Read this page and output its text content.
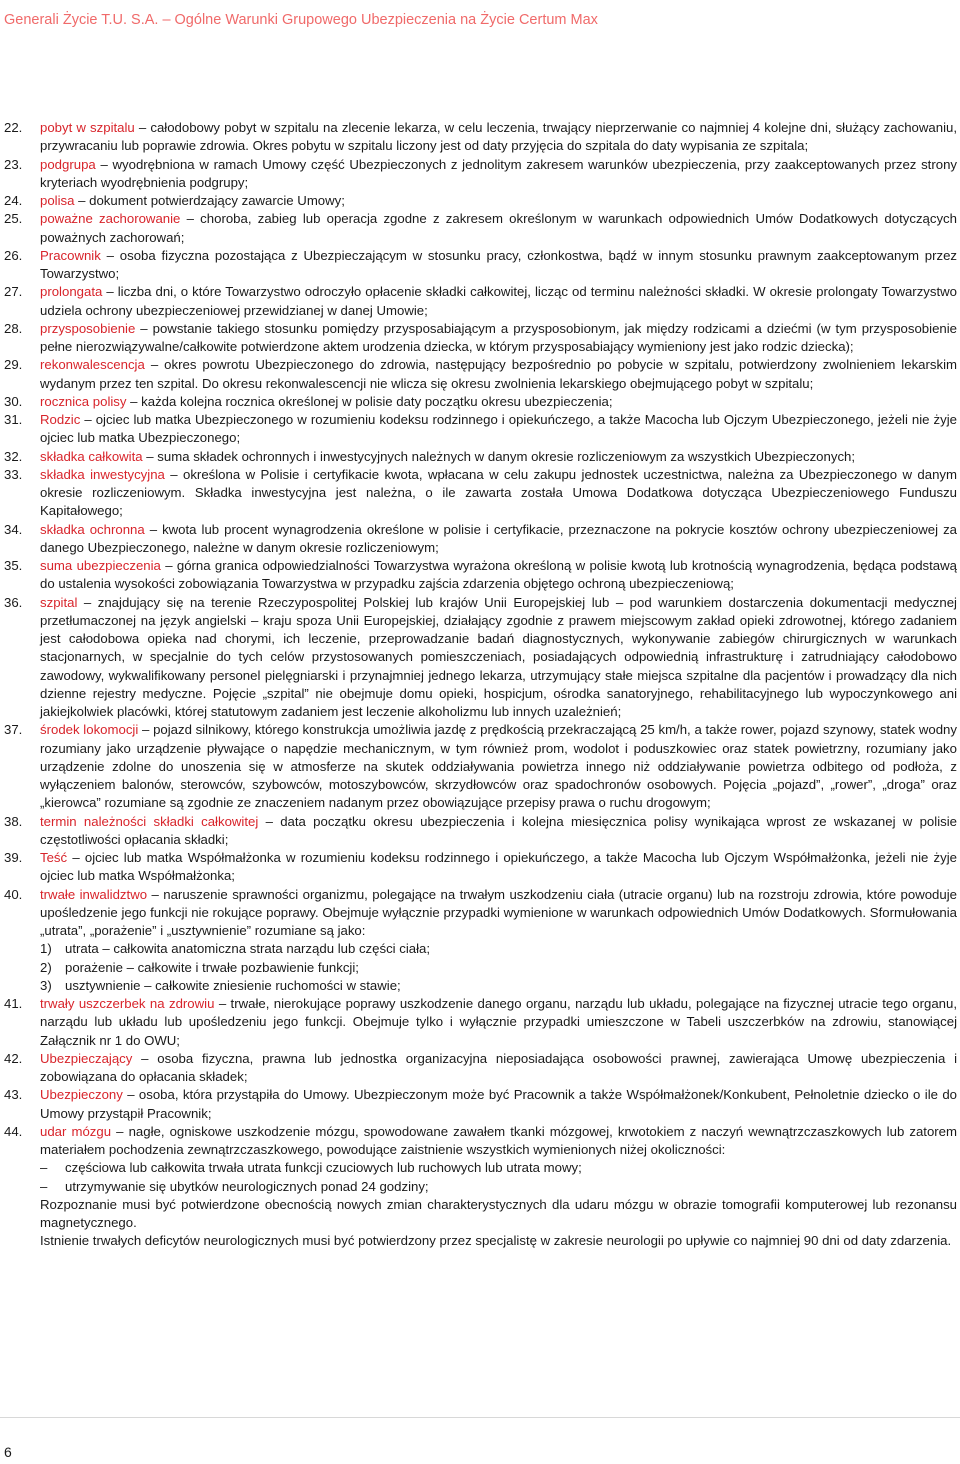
Generali Życie T.U. S.A. – Ogólne Warunki Grupowego Ubezpieczenia na Życie Certum Max
22. pobyt w szpitalu – całodobowy pobyt w szpitalu na zlecenie lekarza, w celu leczenia, trwający nieprzerwanie co najmniej 4 kolejne dni, służący zachowaniu, przywracaniu lub poprawie zdrowia. Okres pobytu w szpitalu liczony jest od daty przyjęcia do szpitala do daty wypisania ze szpitala;
23. podgrupa – wyodrębniona w ramach Umowy część Ubezpieczonych z jednolitym zakresem warunków ubezpieczenia, przy zaakceptowanych przez strony kryteriach wyodrębnienia podgrupy;
24. polisa – dokument potwierdzający zawarcie Umowy;
25. poważne zachorowanie – choroba, zabieg lub operacja zgodne z zakresem określonym w warunkach odpowiednich Umów Dodatkowych dotyczących poważnych zachorowań;
26. Pracownik – osoba fizyczna pozostająca z Ubezpieczającym w stosunku pracy, członkostwa, bądź w innym stosunku prawnym zaakceptowanym przez Towarzystwo;
27. prolongata – liczba dni, o które Towarzystwo odroczyło opłacenie składki całkowitej, licząc od terminu należności składki. W okresie prolongaty Towarzystwo udziela ochrony ubezpieczeniowej przewidzianej w danej Umowie;
28. przysposobienie – powstanie takiego stosunku pomiędzy przysposabiającym a przysposobionym, jak między rodzicami a dziećmi (w tym przysposobienie pełne nierozwiązywalne/całkowite potwierdzone aktem urodzenia dziecka, w którym przysposabiający wymieniony jest jako rodzic dziecka);
29. rekonwalescencja – okres powrotu Ubezpieczonego do zdrowia, następujący bezpośrednio po pobycie w szpitalu, potwierdzony zwolnieniem lekarskim wydanym przez ten szpital. Do okresu rekonwalescencji nie wlicza się okresu zwolnienia lekarskiego obejmującego pobyt w szpitalu;
30. rocznica polisy – każda kolejna rocznica określonej w polisie daty początku okresu ubezpieczenia;
31. Rodzic – ojciec lub matka Ubezpieczonego w rozumieniu kodeksu rodzinnego i opiekuńczego, a także Macocha lub Ojczym Ubezpieczonego, jeżeli nie żyje ojciec lub matka Ubezpieczonego;
32. składka całkowita – suma składek ochronnych i inwestycyjnych należnych w danym okresie rozliczeniowym za wszystkich Ubezpieczonych;
33. składka inwestycyjna – określona w Polisie i certyfikacie kwota, wpłacana w celu zakupu jednostek uczestnictwa, należna za Ubezpieczonego w danym okresie rozliczeniowym. Składka inwestycyjna jest należna, o ile zawarta została Umowa Dodatkowa dotycząca Ubezpieczeniowego Funduszu Kapitałowego;
34. składka ochronna – kwota lub procent wynagrodzenia określone w polisie i certyfikacie, przeznaczone na pokrycie kosztów ochrony ubezpieczeniowej za danego Ubezpieczonego, należne w danym okresie rozliczeniowym;
35. suma ubezpieczenia – górna granica odpowiedzialności Towarzystwa wyrażona określoną w polisie kwotą lub krotnością wynagrodzenia, będąca podstawą do ustalenia wysokości zobowiązania Towarzystwa w przypadku zajścia zdarzenia objętego ochroną ubezpieczeniową;
36. szpital – znajdujący się na terenie Rzeczypospolitej Polskiej lub krajów Unii Europejskiej lub – pod warunkiem dostarczenia dokumentacji medycznej przetłumaczonej na język angielski – kraju spoza Unii Europejskiej, działający zgodnie z prawem miejscowym zakład opieki zdrowotnej, którego zadaniem jest całodobowa opieka nad chorymi, ich leczenie, przeprowadzanie badań diagnostycznych, wykonywanie zabiegów chirurgicznych w warunkach stacjonarnych, w specjalnie do tych celów przystosowanych pomieszczeniach, posiadających odpowiednią infrastrukturę i zatrudniający całodobowo zawodowy, wykwalifikowany personel pielęgniarski i przynajmniej jednego lekarza, utrzymujący stałe miejsca szpitalne dla pacjentów i prowadzący dla nich dzienne rejestry medyczne. Pojęcie „szpital” nie obejmuje domu opieki, hospicjum, ośrodka sanatoryjnego, rehabilitacyjnego lub wypoczynkowego ani jakiejkolwiek placówki, której statutowym zadaniem jest leczenie alkoholizmu lub innych uzależnień;
37. środek lokomocji – pojazd silnikowy, którego konstrukcja umożliwia jazdę z prędkością przekraczającą 25 km/h, a także rower, pojazd szynowy, statek wodny rozumiany jako urządzenie pływające o napędzie mechanicznym, w tym również prom, wodolot i poduszkowiec oraz statek powietrzny, rozumiany jako urządzenie zdolne do unoszenia się w atmosferze na skutek oddziaływania powietrza innego niż oddziaływanie powietrza odbitego od podłoża, z wyłączeniem balonów, sterowców, szybowców, motoszybowców, skrzydłowców oraz spadochronów osobowych. Pojęcia „pojazd”, „rower”, „droga” oraz „kierowca” rozumiane są zgodnie ze znaczeniem nadanym przez obowiązujące przepisy prawa o ruchu drogowym;
38. termin należności składki całkowitej – data początku okresu ubezpieczenia i kolejna miesięcznica polisy wynikająca wprost ze wskazanej w polisie częstotliwości opłacania składki;
39. Teść – ojciec lub matka Współmałżonka w rozumieniu kodeksu rodzinnego i opiekuńczego, a także Macocha lub Ojczym Współmałżonka, jeżeli nie żyje ojciec lub matka Współmałżonka;
40. trwałe inwalidztwo – naruszenie sprawności organizmu, polegające na trwałym uszkodzeniu ciała (utracie organu) lub na rozstroju zdrowia, które powoduje upośledzenie jego funkcji nie rokujące poprawy. Obejmuje wyłącznie przypadki wymienione w warunkach odpowiednich Umów Dodatkowych. Sformułowania „utrata”, „porażenie” i „usztywnienie” rozumiane są jako:
1) utrata – całkowita anatomiczna strata narządu lub części ciała;
2) porażenie – całkowite i trwałe pozbawienie funkcji;
3) usztywnienie – całkowite zniesienie ruchomości w stawie;
41. trwały uszczerbek na zdrowiu – trwałe, nierokujące poprawy uszkodzenie danego organu, narządu lub układu, polegające na fizycznej utracie tego organu, narządu lub układu lub upośledzeniu jego funkcji. Obejmuje tylko i wyłącznie przypadki umieszczone w Tabeli uszczerbków na zdrowiu, stanowiącej Załącznik nr 1 do OWU;
42. Ubezpieczający – osoba fizyczna, prawna lub jednostka organizacyjna nieposiadająca osobowości prawnej, zawierająca Umowę ubezpieczenia i zobowiązana do opłacania składek;
43. Ubezpieczony – osoba, która przystąpiła do Umowy. Ubezpieczonym może być Pracownik a także Współmałżonek/Konkubent, Pełnoletnie dziecko o ile do Umowy przystąpił Pracownik;
44. udar mózgu – nagłe, ogniskowe uszkodzenie mózgu, spowodowane zawałem tkanki mózgowej, krwotokiem z naczyń wewnątrzczaszkowych lub zatorem materiałem pochodzenia zewnątrzczaszkowego, powodujące zaistnienie wszystkich wymienionych niżej okoliczności:
– częściowa lub całkowita trwała utrata funkcji czuciowych lub ruchowych lub utrata mowy;
– utrzymywanie się ubytków neurologicznych ponad 24 godziny;
Rozpoznanie musi być potwierdzone obecnością nowych zmian charakterystycznych dla udaru mózgu w obrazie tomografii komputerowej lub rezonansu magnetycznego.
Istnienie trwałych deficytów neurologicznych musi być potwierdzony przez specjalistę w zakresie neurologii po upływie co najmniej 90 dni od daty zdarzenia.
6
